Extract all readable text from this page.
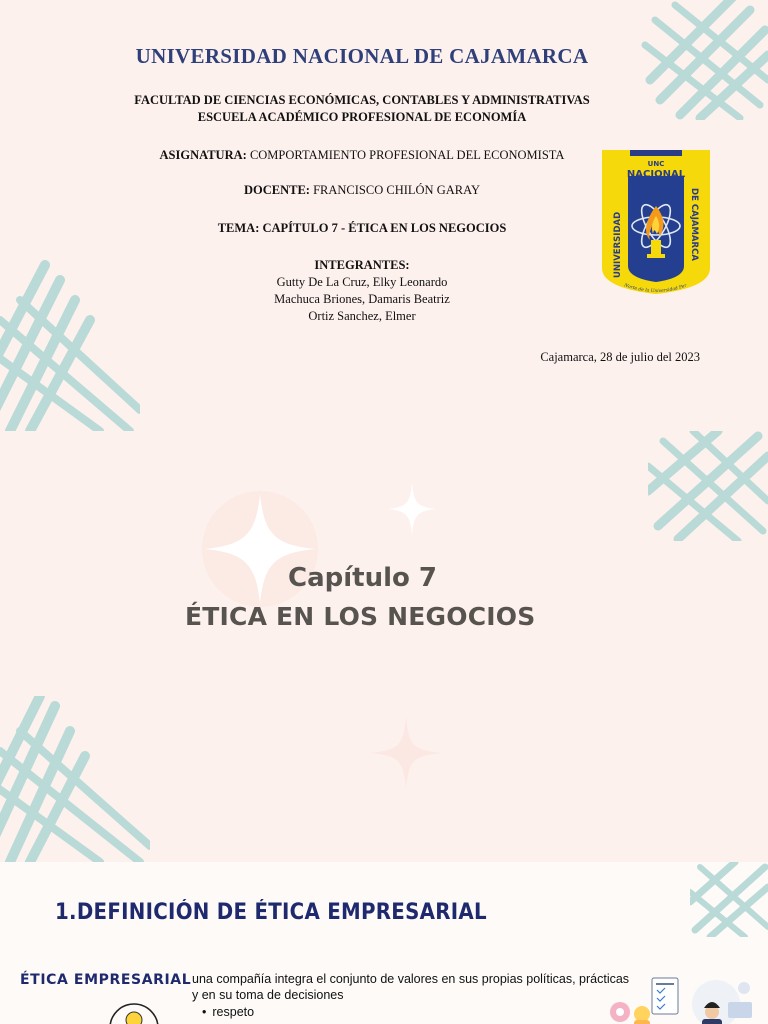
UNIVERSIDAD NACIONAL DE CAJAMARCA
FACULTAD DE CIENCIAS ECONÓMICAS, CONTABLES Y ADMINISTRATIVAS
ESCUELA ACADÉMICO PROFESIONAL DE ECONOMÍA
ASIGNATURA: COMPORTAMIENTO PROFESIONAL DEL ECONOMISTA
DOCENTE: FRANCISCO CHILÓN GARAY
TEMA: CAPÍTULO 7 - ÉTICA EN LOS NEGOCIOS
INTEGRANTES:
Gutty De La Cruz, Elky Leonardo
Machuca Briones, Damaris Beatriz
Ortiz Sanchez, Elmer
Cajamarca, 28 de julio del 2023
UNC
NACIONAL
UNIVERSIDAD
DE CAJAMARCA
Norte de la Universidad Per
Capítulo 7
ÉTICA EN LOS NEGOCIOS
1.DEFINICIÓN DE ÉTICA EMPRESARIAL
ÉTICA EMPRESARIAL una compañía integra el conjunto de valores en sus propias políticas, prácticas y en su toma de decisiones
• respeto
